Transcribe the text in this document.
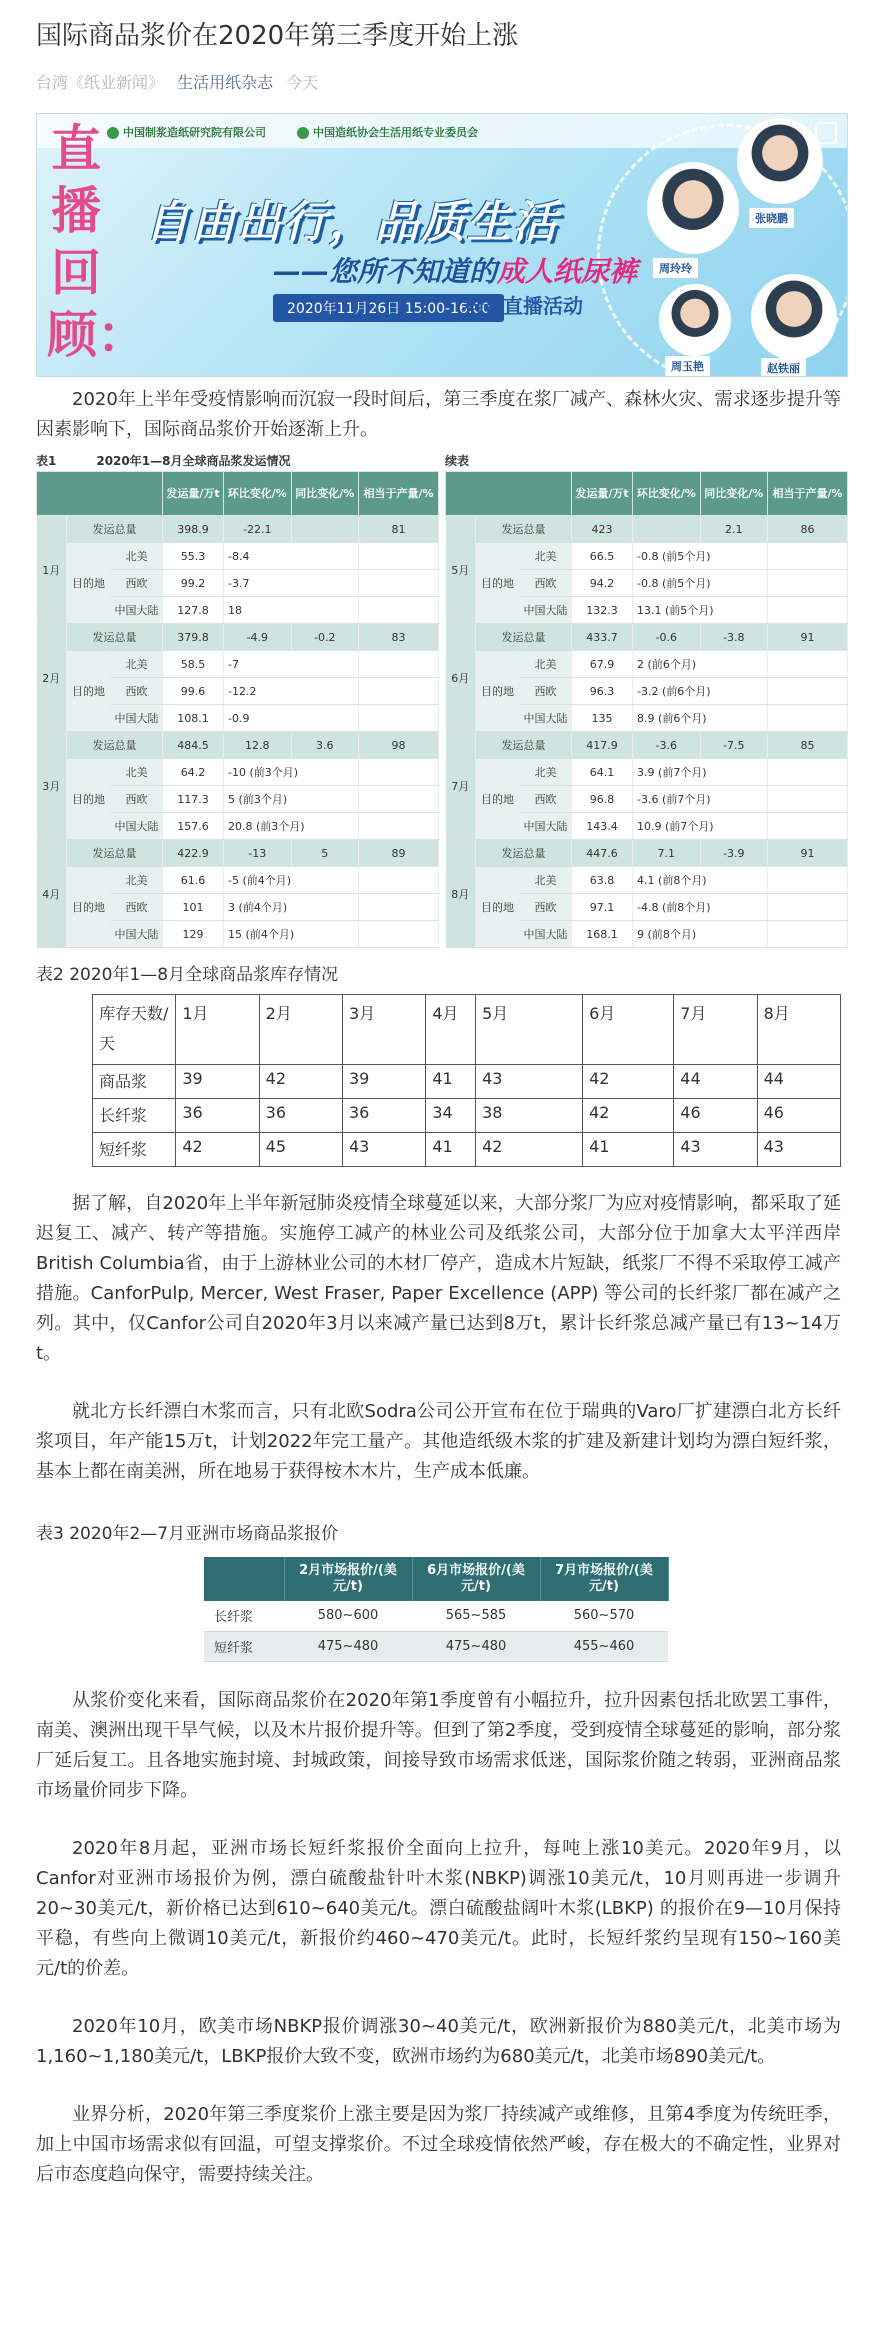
国际商品浆价在2020年第三季度开始上涨
台湾《纸业新闻》 生活用纸杂志 今天
中国制浆造纸研究院有限公司	中国造纸协会生活用纸专业委员会
直播回顾：
自由出行，品质生活
——您所不知道的成人纸尿裤
2020年11月26日 15:00-16:00
科普直播活动
周玲玲
张晓鹏
周玉艳	赵铁丽

2020年上半年受疫情影响而沉寂一段时间后，第三季度在浆厂减产、森林火灾、需求逐步提升等因素影响下，国际商品浆价开始逐渐上升。

表1	2020年1—8月全球商品浆发运情况
			发运量/万t	环比变化/%	同比变化/%	相当于产量/%
1月	发运总量		398.9	-22.1		81
	目的地	北美	55.3	-8.4		
		西欧	99.2	-3.7		
		中国大陆	127.8	18		
2月	发运总量		379.8	-4.9	-0.2	83
	目的地	北美	58.5	-7		
		西欧	99.6	-12.2		
		中国大陆	108.1	-0.9		
3月	发运总量		484.5	12.8	3.6	98
	目的地	北美	64.2	-10 (前3个月)		
		西欧	117.3	5 (前3个月)		
		中国大陆	157.6	20.8 (前3个月)		
4月	发运总量		422.9	-13	5	89
	目的地	北美	61.6	-5 (前4个月)		
		西欧	101	3 (前4个月)		
		中国大陆	129	15 (前4个月)		
续表
			发运量/万t	环比变化/%	同比变化/%	相当于产量/%
5月	发运总量		423		2.1	86
	目的地	北美	66.5	-0.8 (前5个月)		
		西欧	94.2	-0.8 (前5个月)		
		中国大陆	132.3	13.1 (前5个月)		
6月	发运总量		433.7	-0.6	-3.8	91
	目的地	北美	67.9	2 (前6个月)		
		西欧	96.3	-3.2 (前6个月)		
		中国大陆	135	8.9 (前6个月)		
7月	发运总量		417.9	-3.6	-7.5	85
	目的地	北美	64.1	3.9 (前7个月)		
		西欧	96.8	-3.6 (前7个月)		
		中国大陆	143.4	10.9 (前7个月)		
8月	发运总量		447.6	7.1	-3.9	91
	目的地	北美	63.8	4.1 (前8个月)		
		西欧	97.1	-4.8 (前8个月)		
		中国大陆	168.1	9 (前8个月)		
表2 2020年1—8月全球商品浆库存情况
库存天数/天	1月	2月	3月	4月	5月	6月	7月	8月
商品浆	39	42	39	41	43	42	44	44
长纤浆	36	36	36	34	38	42	46	46
短纤浆	42	45	43	41	42	41	43	43

据了解，自2020年上半年新冠肺炎疫情全球蔓延以来，大部分浆厂为应对疫情影响，都采取了延迟复工、减产、转产等措施。实施停工减产的林业公司及纸浆公司，大部分位于加拿大太平洋西岸British Columbia省，由于上游林业公司的木材厂停产，造成木片短缺，纸浆厂不得不采取停工减产措施。CanforPulp, Mercer, West Fraser, Paper Excellence (APP) 等公司的长纤浆厂都在减产之列。其中，仅Canfor公司自2020年3月以来减产量已达到8万t，累计长纤浆总减产量已有13~14万t。

就北方长纤漂白木浆而言，只有北欧Sodra公司公开宣布在位于瑞典的Varo厂扩建漂白北方长纤浆项目，年产能15万t，计划2022年完工量产。其他造纸级木浆的扩建及新建计划均为漂白短纤浆，基本上都在南美洲，所在地易于获得桉木木片，生产成本低廉。

表3 2020年2—7月亚洲市场商品浆报价
	2月市场报价/(美元/t)	6月市场报价/(美元/t)	7月市场报价/(美元/t)
长纤浆	580~600	565~585	560~570
短纤浆	475~480	475~480	455~460

从浆价变化来看，国际商品浆价在2020年第1季度曾有小幅拉升，拉升因素包括北欧罢工事件，南美、澳洲出现干旱气候，以及木片报价提升等。但到了第2季度，受到疫情全球蔓延的影响，部分浆厂延后复工。且各地实施封境、封城政策，间接导致市场需求低迷，国际浆价随之转弱，亚洲商品浆市场量价同步下降。

2020年8月起，亚洲市场长短纤浆报价全面向上拉升，每吨上涨10美元。2020年9月，以Canfor对亚洲市场报价为例，漂白硫酸盐针叶木浆(NBKP)调涨10美元/t，10月则再进一步调升20~30美元/t，新价格已达到610~640美元/t。漂白硫酸盐阔叶木浆(LBKP) 的报价在9—10月保持平稳，有些向上微调10美元/t，新报价约460~470美元/t。此时，长短纤浆约呈现有150~160美元/t的价差。

2020年10月，欧美市场NBKP报价调涨30~40美元/t，欧洲新报价为880美元/t，北美市场为1,160~1,180美元/t，LBKP报价大致不变，欧洲市场约为680美元/t，北美市场890美元/t。

业界分析，2020年第三季度浆价上涨主要是因为浆厂持续减产或维修，且第4季度为传统旺季，加上中国市场需求似有回温，可望支撑浆价。不过全球疫情依然严峻，存在极大的不确定性，业界对后市态度趋向保守，需要持续关注。
